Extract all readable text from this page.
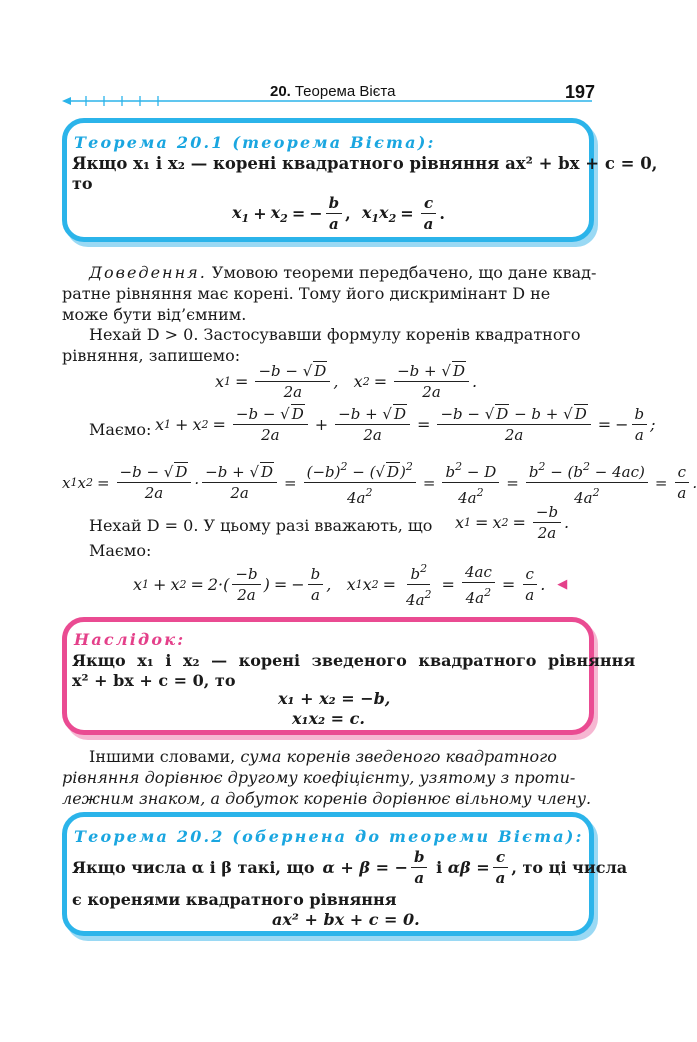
20. Теорема Вієта	197
Теорема 20.1 (теорема Вієта):
Якщо x₁ і x₂ — корені квадратного рівняння ax² + bx + c = 0,
то
$x_1 + x_2$ = − $\frac{b}{a}$ , $x_1x_2 = \frac{c}{a}$ .
Доведення. Умовою теореми передбачено, що дане квад-
ратне рівняння має корені. Тому його дискримінант D не
може бути від’ємним.
Нехай D > 0. Застосувавши формулу коренів квадратного
рівняння, запишемо:
x $1 = \frac{-b - √ D}{2a}$ ,   x $2 = \frac{-b + √ D}{2a}$ .
Маємо: x 1 + x $2 = \frac{-b - √ D}{2a} + \frac{-b + √ D}{2a} = \frac{-b - √ D - b + √ D}{2a}$ = − $\frac{b}{a}$ ;
x 1 x $2 = \frac{-b - √ D}{2a} \cdot \frac{-b + √ D}{2a} = \frac{(-b)^2 - (√ D)^2}{4a^2} = \frac{b^2 - D}{4a^2} = \frac{b^2 - (b^2 - 4ac)}{4a^2} = \frac{c}{a}$ .
Нехай D = 0. У цьому разі вважають, що x 1 = x $2 = \frac{-b}{2a}$ .
Маємо:
x 1 + x $2 = 2\cdot( \frac{-b}{2a}$ ) = − $\frac{b}{a}$ ,   x 1 x $2 = \frac{b^2}{4a^2} = \frac{4ac}{4a^2} = \frac{c}{a}$ . ◀
Наслідок:
Якщо x₁ і x₂ — корені зведеного квадратного рівняння
x² + bx + c = 0, то
x₁ + x₂ = −b,
x₁x₂ = c.
Іншими словами, сума коренів зведеного квадратного
рівняння дорівнює другому коефіцієнту, узятому з проти-
лежним знаком, а добуток коренів дорівнює вільному члену.
Теорема 20.2 (обернена до теореми Вієта):
Якщо числа α і β такі, що α + β = − $\frac{b}{a}$
і
$\alpha\beta = \frac{c}{a}$ , то ці числа
є коренями квадратного рівняння
ax² + bx + c = 0.
